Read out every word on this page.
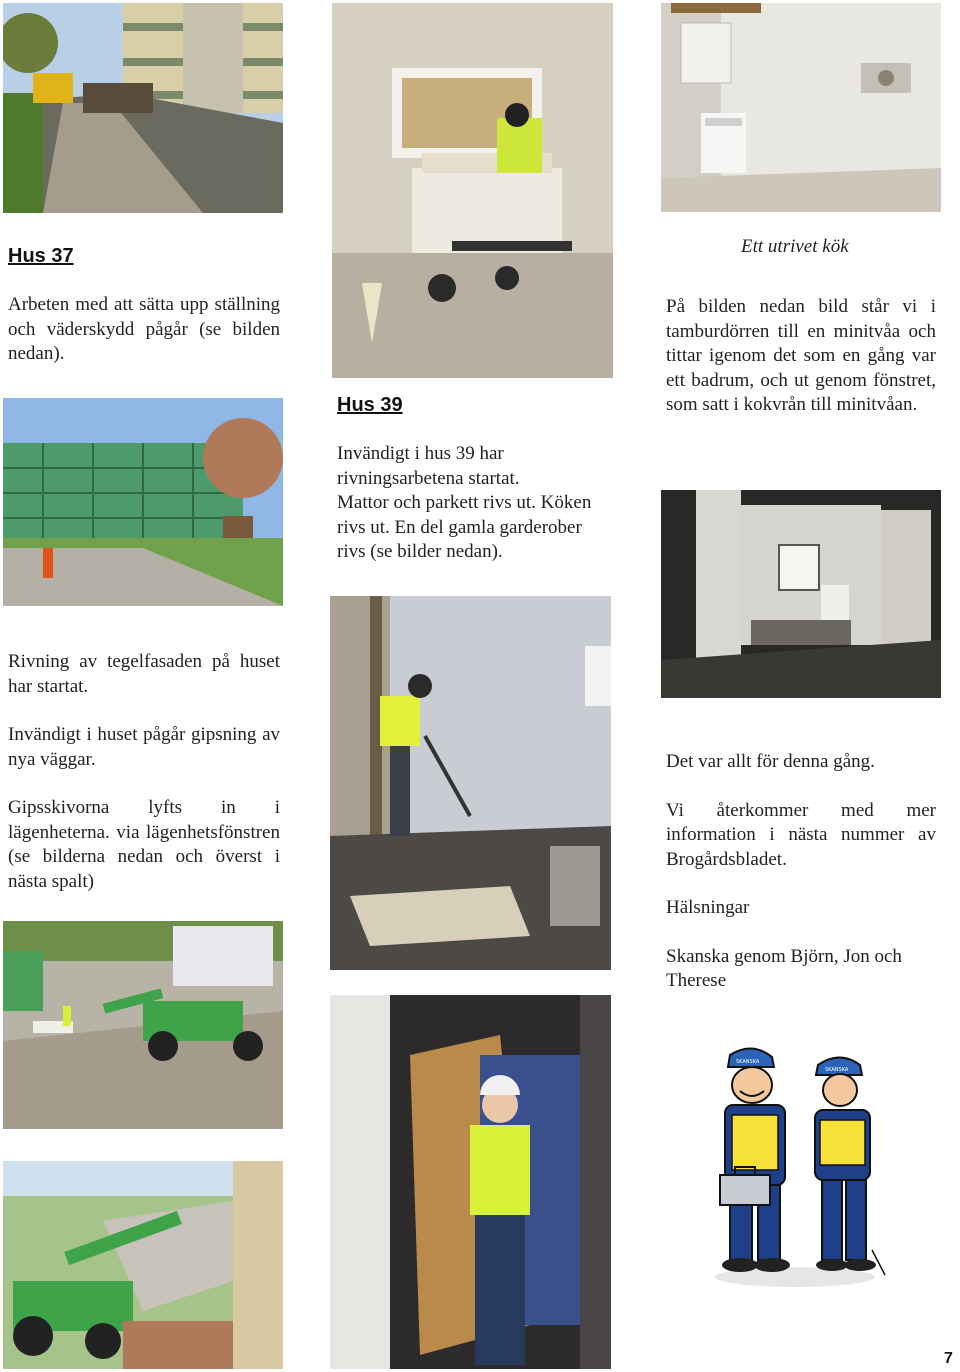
Hus 37

Arbeten med att sätta upp ställning och väderskydd pågår (se bilden nedan).

Rivning av tegelfasaden på huset har startat.

Invändigt i huset pågår gipsning av nya väggar.

Gipsskivorna lyfts in i lägenheterna. via lägenhetsfönstren (se bilderna nedan och överst i nästa spalt)

Hus 39

Invändigt i hus 39 har rivningsarbetena startat.

Mattor och parkett rivs ut. Köken rivs ut. En del gamla garderober rivs (se bilder nedan).

Ett utrivet kök

På bilden nedan bild står vi i tamburdörren till en minitvåa och tittar igenom det som en gång var ett badrum, och ut genom fönstret, som satt i kokvrån till minitvåan.

Det var allt för denna gång.

Vi återkommer med mer information i nästa nummer av Brogårdsbladet.

Hälsningar

Skanska genom Björn, Jon och Therese

SKANSKA
SKANSKA
7
